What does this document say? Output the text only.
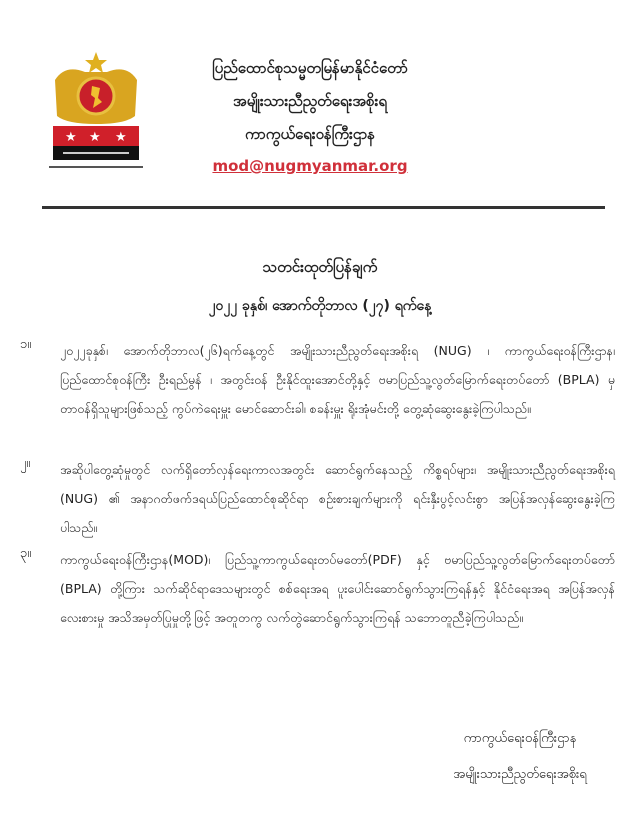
★ ★ ★
ပြည်ထောင်စုသမ္မတမြန်မာနိုင်ငံတော်
အမျိုးသားညီညွတ်ရေးအစိုးရ
ကာကွယ်ရေးဝန်ကြီးဌာန
mod@nugmyanmar.org
သတင်းထုတ်ပြန်ချက်
၂၀၂၂ ခုနှစ်၊ အောက်တိုဘာလ (၂၇) ရက်နေ့
၁။ ၂၀၂၂ခုနှစ်၊ အောက်တိုဘာလ(၂၆)ရက်နေ့တွင် အမျိုးသားညီညွတ်ရေးအစိုးရ (NUG) ၊ ကာကွယ်ရေးဝန်ကြီးဌာန၊ ပြည်ထောင်စုဝန်ကြီး ဦးရည်မွန် ၊ အတွင်းဝန် ဦးနိုင်ထူးအောင်တို့နှင့် ဗမာပြည်သူ့လွတ်မြောက်ရေးတပ်တော် (BPLA) မှ တာဝန်ရှိသူများဖြစ်သည့် ကွပ်ကဲရေးမှူး မောင်ဆောင်းခါ၊ စခန်းမှူး ရိုးအုံမင်းတို့ တွေ့ဆုံဆွေးနွေးခဲ့ကြပါသည်။
၂။ အဆိုပါတွေ့ဆုံမှုတွင် လက်ရှိတော်လှန်ရေးကာလအတွင်း ဆောင်ရွက်နေသည့် ကိစ္စရပ်များ၊ အမျိုးသားညီညွတ်ရေးအစိုးရ (NUG) ၏ အနာဂတ်ဖက်ဒရယ်ပြည်ထောင်စုဆိုင်ရာ စဉ်းစားချက်များကို ရင်းနှီးပွင့်လင်းစွာ အပြန်အလှန်ဆွေးနွေးခဲ့ကြပါသည်။
၃။ ကာကွယ်ရေးဝန်ကြီးဌာန(MOD)၊ ပြည်သူ့ကာကွယ်ရေးတပ်မတော်(PDF) နှင့် ဗမာပြည်သူ့လွတ်မြောက်ရေးတပ်တော် (BPLA) တို့ကြား သက်ဆိုင်ရာဒေသများတွင် စစ်ရေးအရ ပူးပေါင်းဆောင်ရွက်သွားကြရန်နှင့် နိုင်ငံရေးအရ အပြန်အလှန်လေးစားမှု အသိအမှတ်ပြုမှုတို့ဖြင့် အတူတကွ လက်တွဲဆောင်ရွက်သွားကြရန် သဘောတူညီခဲ့ကြပါသည်။
ကာကွယ်ရေးဝန်ကြီးဌာန
အမျိုးသားညီညွတ်ရေးအစိုးရ
